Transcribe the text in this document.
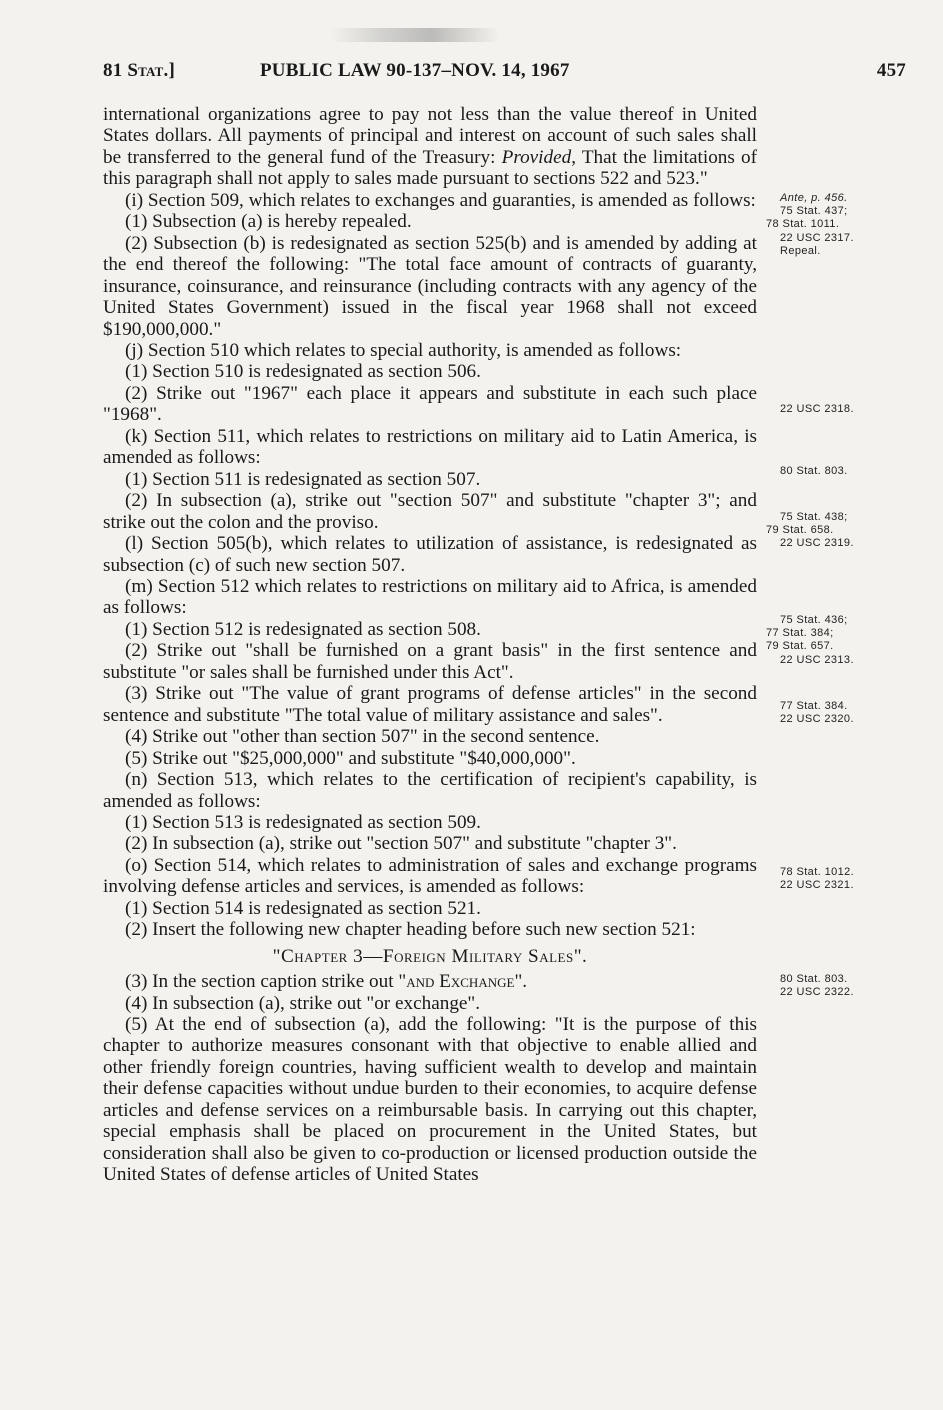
81 Stat.]	PUBLIC LAW 90-137–NOV. 14, 1967	457

international organizations agree to pay not less than the value thereof in United States dollars. All payments of principal and interest on account of such sales shall be transferred to the general fund of the Treasury: Provided, That the limitations of this paragraph shall not apply to sales made pursuant to sections 522 and 523."

(i) Section 509, which relates to exchanges and guaranties, is amended as follows:

(1) Subsection (a) is hereby repealed.

(2) Subsection (b) is redesignated as section 525(b) and is amended by adding at the end thereof the following: "The total face amount of contracts of guaranty, insurance, coinsurance, and reinsurance (including contracts with any agency of the United States Government) issued in the fiscal year 1968 shall not exceed $190,000,000."

(j) Section 510 which relates to special authority, is amended as follows:

(1) Section 510 is redesignated as section 506.

(2) Strike out "1967" each place it appears and substitute in each such place "1968".

(k) Section 511, which relates to restrictions on military aid to Latin America, is amended as follows:

(1) Section 511 is redesignated as section 507.

(2) In subsection (a), strike out "section 507" and substitute "chapter 3"; and strike out the colon and the proviso.

(l) Section 505(b), which relates to utilization of assistance, is redesignated as subsection (c) of such new section 507.

(m) Section 512 which relates to restrictions on military aid to Africa, is amended as follows:

(1) Section 512 is redesignated as section 508.

(2) Strike out "shall be furnished on a grant basis" in the first sentence and substitute "or sales shall be furnished under this Act".

(3) Strike out "The value of grant programs of defense articles" in the second sentence and substitute "The total value of military assistance and sales".

(4) Strike out "other than section 507" in the second sentence.

(5) Strike out "$25,000,000" and substitute "$40,000,000".

(n) Section 513, which relates to the certification of recipient's capability, is amended as follows:

(1) Section 513 is redesignated as section 509.

(2) In subsection (a), strike out "section 507" and substitute "chapter 3".

(o) Section 514, which relates to administration of sales and exchange programs involving defense articles and services, is amended as follows:

(1) Section 514 is redesignated as section 521.

(2) Insert the following new chapter heading before such new section 521:

"Chapter 3—Foreign Military Sales".

(3) In the section caption strike out "and Exchange".

(4) In subsection (a), strike out "or exchange".

(5) At the end of subsection (a), add the following: "It is the purpose of this chapter to authorize measures consonant with that objective to enable allied and other friendly foreign countries, having sufficient wealth to develop and maintain their defense capacities without undue burden to their economies, to acquire defense articles and defense services on a reimbursable basis. In carrying out this chapter, special emphasis shall be placed on procurement in the United States, but consideration shall also be given to co-production or licensed production outside the United States of defense articles of United States

Ante, p. 456.
75 Stat. 437;
78 Stat. 1011.
22 USC 2317.
Repeal.
22 USC 2318.
80 Stat. 803.
75 Stat. 438;
79 Stat. 658.
22 USC 2319.
75 Stat. 436;
77 Stat. 384;
79 Stat. 657.
22 USC 2313.
77 Stat. 384.
22 USC 2320.
78 Stat. 1012.
22 USC 2321.
80 Stat. 803.
22 USC 2322.
